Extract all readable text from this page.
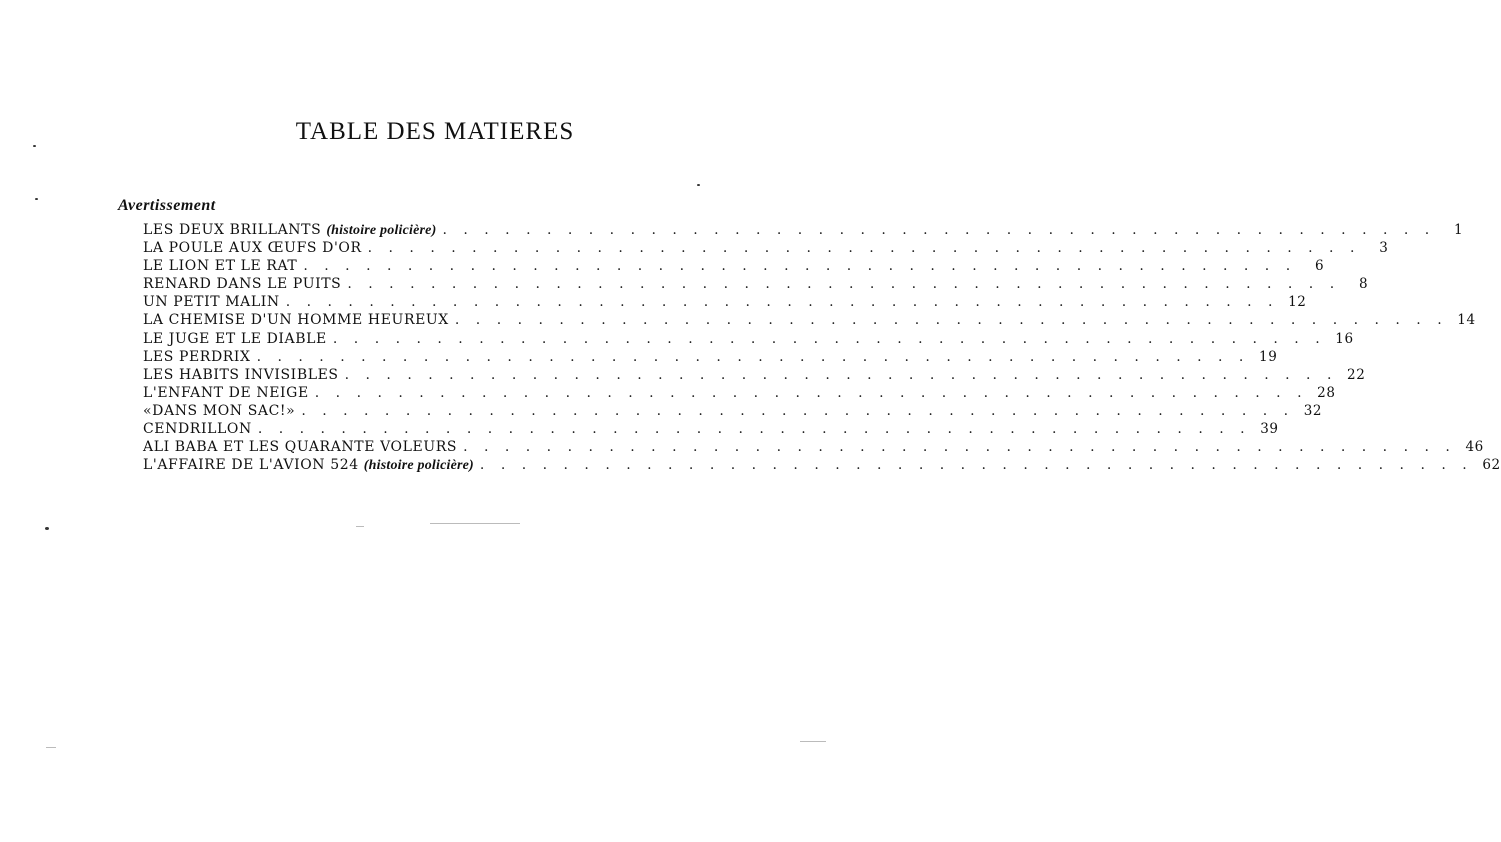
TABLE DES MATIERES
Avertissement
LES DEUX BRILLANTS (histoire policière) . . . . . . . . . . . . . . . . . . . . . . . . . . . . . . . . . . . . . . . . . . . . . . . .	1
LA POULE AUX ŒUFS D'OR . . . . . . . . . . . . . . . . . . . . . . . . . . . . . . . . . . . . . . . . . . . . . . . .	3
LE LION ET LE RAT . . . . . . . . . . . . . . . . . . . . . . . . . . . . . . . . . . . . . . . . . . . . . . . .	6
RENARD DANS LE PUITS . . . . . . . . . . . . . . . . . . . . . . . . . . . . . . . . . . . . . . . . . . . . . . . .	8
UN PETIT MALIN . . . . . . . . . . . . . . . . . . . . . . . . . . . . . . . . . . . . . . . . . . . . . . . . 12
LA CHEMISE D'UN HOMME HEUREUX . . . . . . . . . . . . . . . . . . . . . . . . . . . . . . . . . . . . . . . . . . . . . . . . 14
LE JUGE ET LE DIABLE . . . . . . . . . . . . . . . . . . . . . . . . . . . . . . . . . . . . . . . . . . . . . . . . 16
LES PERDRIX . . . . . . . . . . . . . . . . . . . . . . . . . . . . . . . . . . . . . . . . . . . . . . . . 19
LES HABITS INVISIBLES . . . . . . . . . . . . . . . . . . . . . . . . . . . . . . . . . . . . . . . . . . . . . . . . 22
L'ENFANT DE NEIGE . . . . . . . . . . . . . . . . . . . . . . . . . . . . . . . . . . . . . . . . . . . . . . . . 28
«DANS MON SAC!» . . . . . . . . . . . . . . . . . . . . . . . . . . . . . . . . . . . . . . . . . . . . . . . . 32
CENDRILLON . . . . . . . . . . . . . . . . . . . . . . . . . . . . . . . . . . . . . . . . . . . . . . . . 39
ALI BABA ET LES QUARANTE VOLEURS . . . . . . . . . . . . . . . . . . . . . . . . . . . . . . . . . . . . . . . . . . . . . . . . 46
L'AFFAIRE DE L'AVION 524 (histoire policière) . . . . . . . . . . . . . . . . . . . . . . . . . . . . . . . . . . . . . . . . . . . . . . . . 62
